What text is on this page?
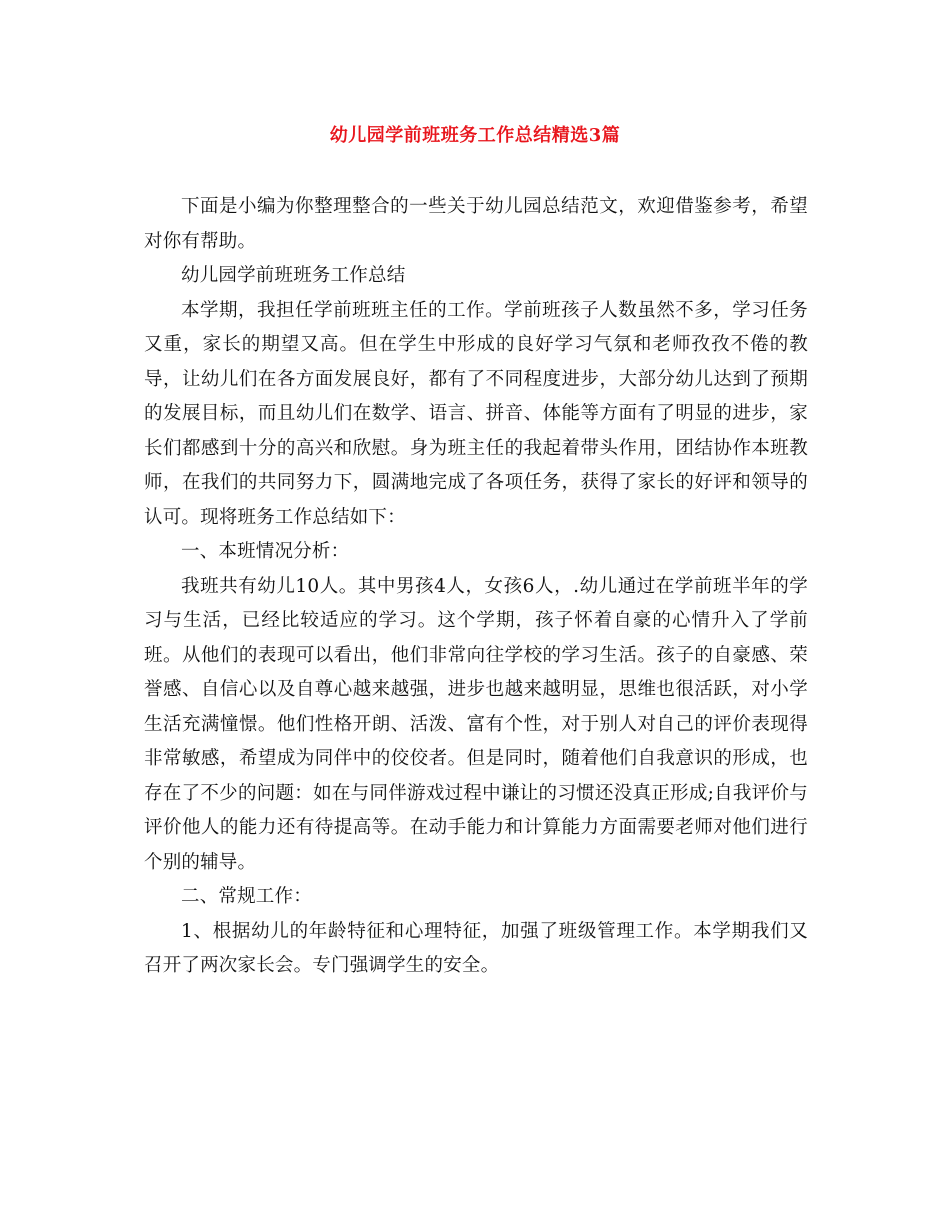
幼儿园学前班班务工作总结精选3篇

下面是小编为你整理整合的一些关于幼儿园总结范文，欢迎借鉴参考，希望对你有帮助。

幼儿园学前班班务工作总结

本学期，我担任学前班班主任的工作。学前班孩子人数虽然不多，学习任务又重，家长的期望又高。但在学生中形成的良好学习气氛和老师孜孜不倦的教导，让幼儿们在各方面发展良好，都有了不同程度进步，大部分幼儿达到了预期的发展目标，而且幼儿们在数学、语言、拼音、体能等方面有了明显的进步，家长们都感到十分的高兴和欣慰。身为班主任的我起着带头作用，团结协作本班教师，在我们的共同努力下，圆满地完成了各项任务，获得了家长的好评和领导的认可。现将班务工作总结如下：

一、本班情况分析：

我班共有幼儿10人。其中男孩4人，女孩6人，.幼儿通过在学前班半年的学习与生活，已经比较适应的学习。这个学期，孩子怀着自豪的心情升入了学前班。从他们的表现可以看出，他们非常向往学校的学习生活。孩子的自豪感、荣誉感、自信心以及自尊心越来越强，进步也越来越明显，思维也很活跃，对小学生活充满憧憬。他们性格开朗、活泼、富有个性，对于别人对自己的评价表现得非常敏感，希望成为同伴中的佼佼者。但是同时，随着他们自我意识的形成，也存在了不少的问题：如在与同伴游戏过程中谦让的习惯还没真正形成;自我评价与评价他人的能力还有待提高等。在动手能力和计算能力方面需要老师对他们进行个别的辅导。

二、常规工作：

1、根据幼儿的年龄特征和心理特征，加强了班级管理工作。本学期我们又召开了两次家长会。专门强调学生的安全。
